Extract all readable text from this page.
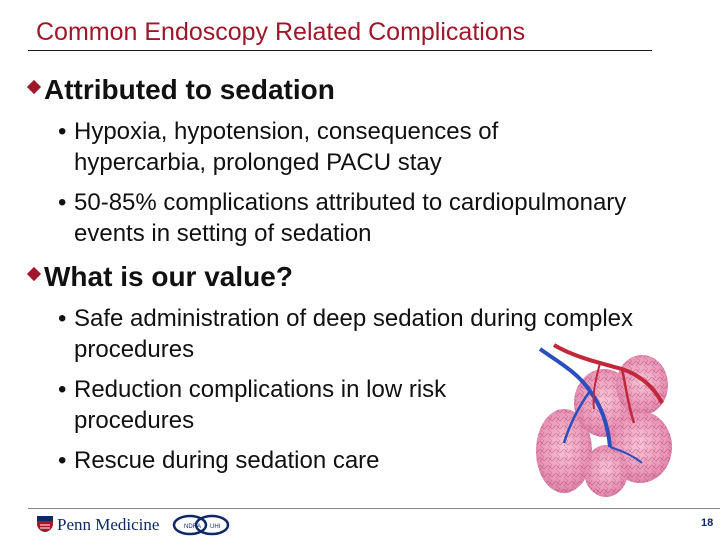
Common Endoscopy Related Complications
Attributed to sedation
• Hypoxia, hypotension, consequences of hypercarbia, prolonged PACU stay
• 50-85% complications attributed to cardiopulmonary events in setting of sedation
What is our value?
• Safe administration of deep sedation during complex procedures
• Reduction complications in low risk procedures
• Rescue during sedation care
Penn Medicine	NDRA UHI	18
